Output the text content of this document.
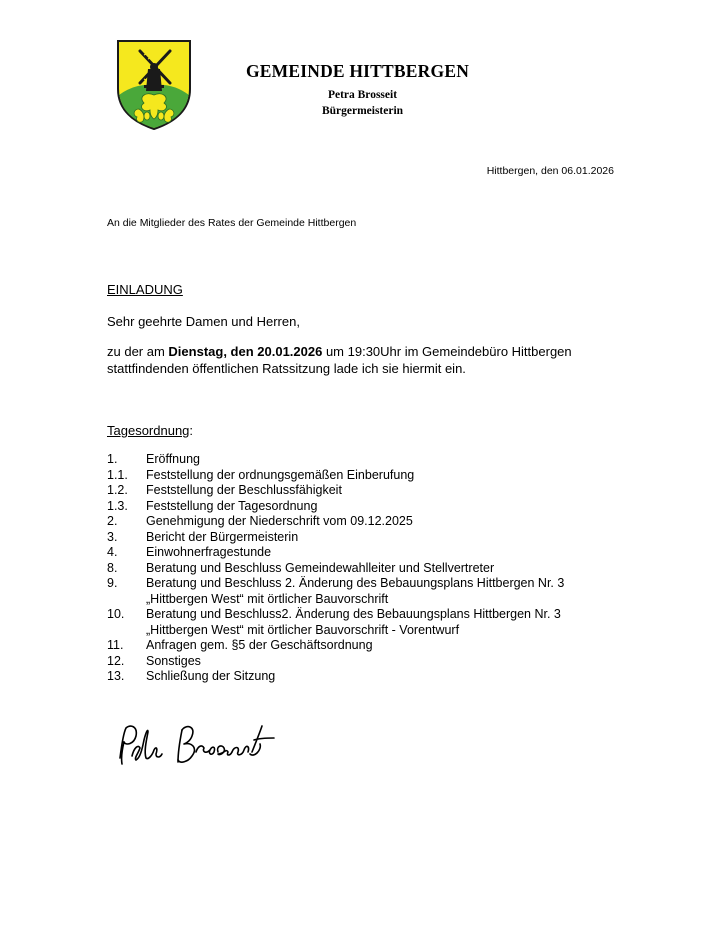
GEMEINDE HITTBERGEN
Petra Brosseit
Bürgermeisterin
Hittbergen, den 06.01.2026
An die Mitglieder des Rates der Gemeinde Hittbergen
EINLADUNG
Sehr geehrte Damen und Herren,
zu der am Dienstag, den 20.01.2026 um 19:30Uhr im Gemeindebüro Hittbergen stattfindenden öffentlichen Ratssitzung lade ich sie hiermit ein.
Tagesordnung:
1.	Eröffnung
1.1.	Feststellung der ordnungsgemäßen Einberufung
1.2.	Feststellung der Beschlussfähigkeit
1.3.	Feststellung der Tagesordnung
2.	Genehmigung der Niederschrift vom 09.12.2025
3.	Bericht der Bürgermeisterin
4.	Einwohnerfragestunde
8.	Beratung und Beschluss Gemeindewahlleiter und Stellvertreter
9.	Beratung und Beschluss 2. Änderung des Bebauungsplans Hittbergen Nr. 3
„Hittbergen West“ mit örtlicher Bauvorschrift
10.	Beratung und Beschluss2. Änderung des Bebauungsplans Hittbergen Nr. 3
„Hittbergen West“ mit örtlicher Bauvorschrift - Vorentwurf
11.	Anfragen gem. §5 der Geschäftsordnung
12.	Sonstiges
13.	Schließung der Sitzung
